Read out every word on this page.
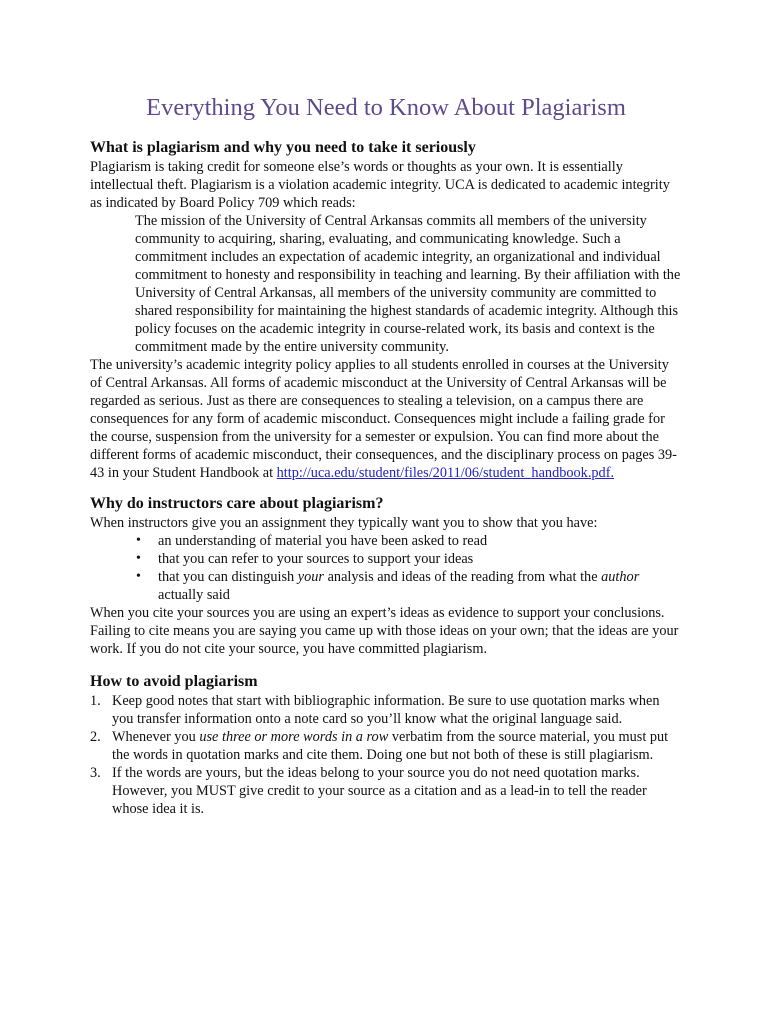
Everything You Need to Know About Plagiarism
What is plagiarism and why you need to take it seriously

Plagiarism is taking credit for someone else’s words or thoughts as your own. It is essentially intellectual theft. Plagiarism is a violation academic integrity. UCA is dedicated to academic integrity as indicated by Board Policy 709 which reads:

The mission of the University of Central Arkansas commits all members of the university community to acquiring, sharing, evaluating, and communicating knowledge. Such a commitment includes an expectation of academic integrity, an organizational and individual commitment to honesty and responsibility in teaching and learning. By their affiliation with the University of Central Arkansas, all members of the university community are committed to shared responsibility for maintaining the highest standards of academic integrity. Although this policy focuses on the academic integrity in course-related work, its basis and context is the commitment made by the entire university community.

The university’s academic integrity policy applies to all students enrolled in courses at the University of Central Arkansas. All forms of academic misconduct at the University of Central Arkansas will be regarded as serious. Just as there are consequences to stealing a television, on a campus there are consequences for any form of academic misconduct. Consequences might include a failing grade for the course, suspension from the university for a semester or expulsion. You can find more about the different forms of academic misconduct, their consequences, and the disciplinary process on pages 39-43 in your Student Handbook at http://uca.edu/student/files/2011/06/student_handbook.pdf.

Why do instructors care about plagiarism?

When instructors give you an assignment they typically want you to show that you have:

• an understanding of material you have been asked to read
• that you can refer to your sources to support your ideas
• that you can distinguish your analysis and ideas of the reading from what the author actually said

When you cite your sources you are using an expert’s ideas as evidence to support your conclusions. Failing to cite means you are saying you came up with those ideas on your own; that the ideas are your work. If you do not cite your source, you have committed plagiarism.

How to avoid plagiarism
1. Keep good notes that start with bibliographic information. Be sure to use quotation marks when you transfer information onto a note card so you’ll know what the original language said.
2. Whenever you use three or more words in a row verbatim from the source material, you must put the words in quotation marks and cite them. Doing one but not both of these is still plagiarism.
3. If the words are yours, but the ideas belong to your source you do not need quotation marks. However, you MUST give credit to your source as a citation and as a lead-in to tell the reader whose idea it is.
